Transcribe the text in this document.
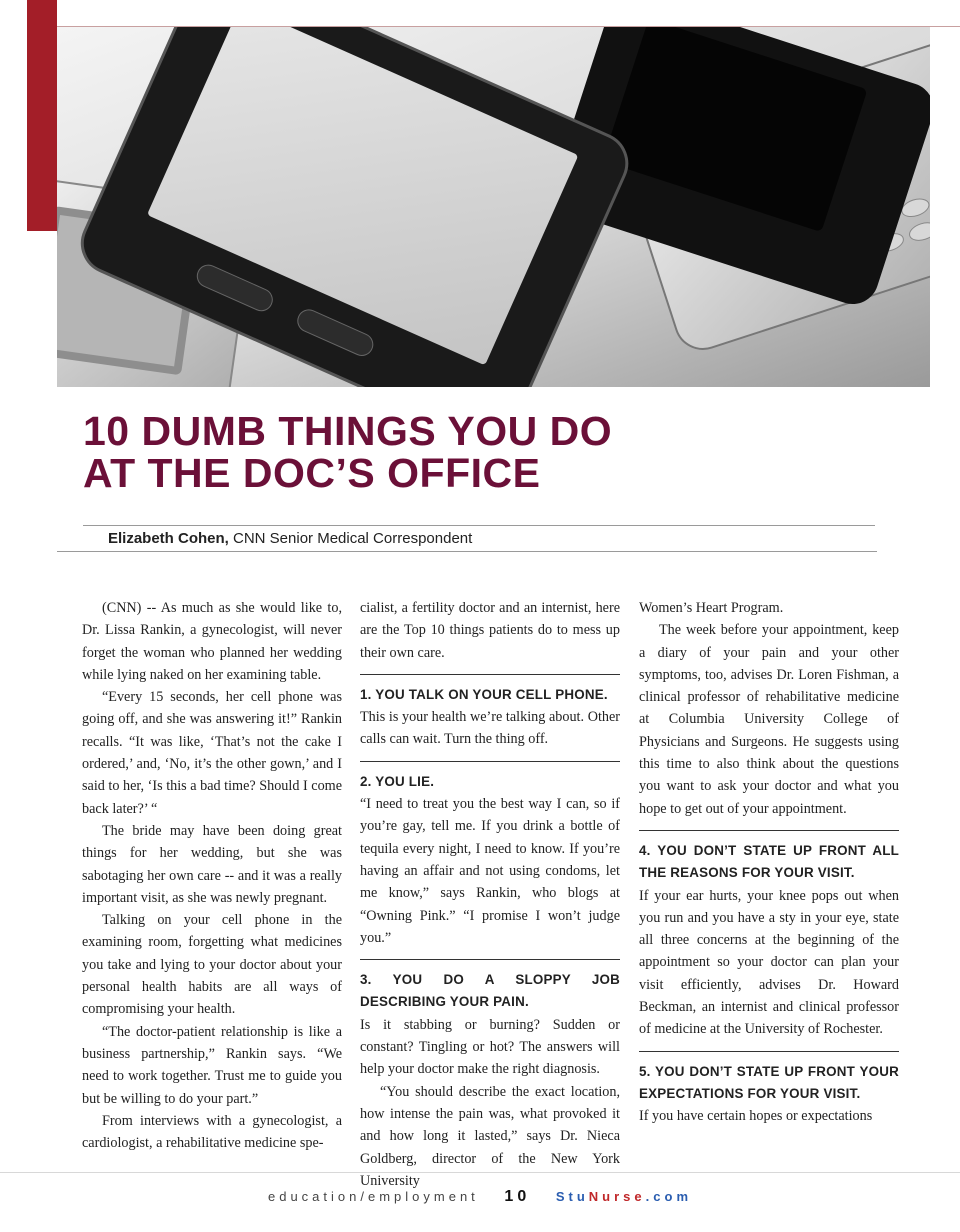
10 DUMB THINGS YOU DO
AT THE DOC’S OFFICE
Elizabeth Cohen, CNN Senior Medical Correspondent

(CNN) -- As much as she would like to, Dr. Lissa Rankin, a gynecologist, will never forget the woman who planned her wedding while lying naked on her examining table.

“Every 15 seconds, her cell phone was going off, and she was answering it!” Rankin recalls. “It was like, ‘That’s not the cake I ordered,’ and, ‘No, it’s the other gown,’ and I said to her, ‘Is this a bad time? Should I come back later?’ “

The bride may have been doing great things for her wedding, but she was sabotaging her own care -- and it was a really important visit, as she was newly pregnant.

Talking on your cell phone in the examining room, forgetting what medicines you take and lying to your doctor about your personal health habits are all ways of compromising your health.

“The doctor-patient relationship is like a business partnership,” Rankin says. “We need to work together. Trust me to guide you but be willing to do your part.”

From interviews with a gynecologist, a cardiologist, a rehabilitative medicine spe-

cialist, a fertility doctor and an internist, here are the Top 10 things patients do to mess up their own care.

1. YOU TALK ON YOUR CELL PHONE.

This is your health we’re talking about. Other calls can wait. Turn the thing off.

2. YOU LIE.

“I need to treat you the best way I can, so if you’re gay, tell me. If you drink a bottle of tequila every night, I need to know. If you’re having an affair and not using condoms, let me know,” says Rankin, who blogs at “Owning Pink.” “I promise I won’t judge you.”

3. YOU DO A SLOPPY JOB DESCRIBING YOUR PAIN.

Is it stabbing or burning? Sudden or constant? Tingling or hot? The answers will help your doctor make the right diagnosis.

“You should describe the exact location, how intense the pain was, what provoked it and how long it lasted,” says Dr. Nieca Goldberg, director of the New York University

Women’s Heart Program.

The week before your appointment, keep a diary of your pain and your other symptoms, too, advises Dr. Loren Fishman, a clinical professor of rehabilitative medicine at Columbia University College of Physicians and Surgeons. He suggests using this time to also think about the questions you want to ask your doctor and what you hope to get out of your appointment.

4. YOU DON’T STATE UP FRONT ALL THE REASONS FOR YOUR VISIT.

If your ear hurts, your knee pops out when you run and you have a sty in your eye, state all three concerns at the beginning of the appointment so your doctor can plan your visit efficiently, advises Dr. Howard Beckman, an internist and clinical professor of medicine at the University of Rochester.

5. YOU DON’T STATE UP FRONT YOUR EXPECTATIONS FOR YOUR VISIT.

If you have certain hopes or expectations

education/employment 10 StuNurse.com
